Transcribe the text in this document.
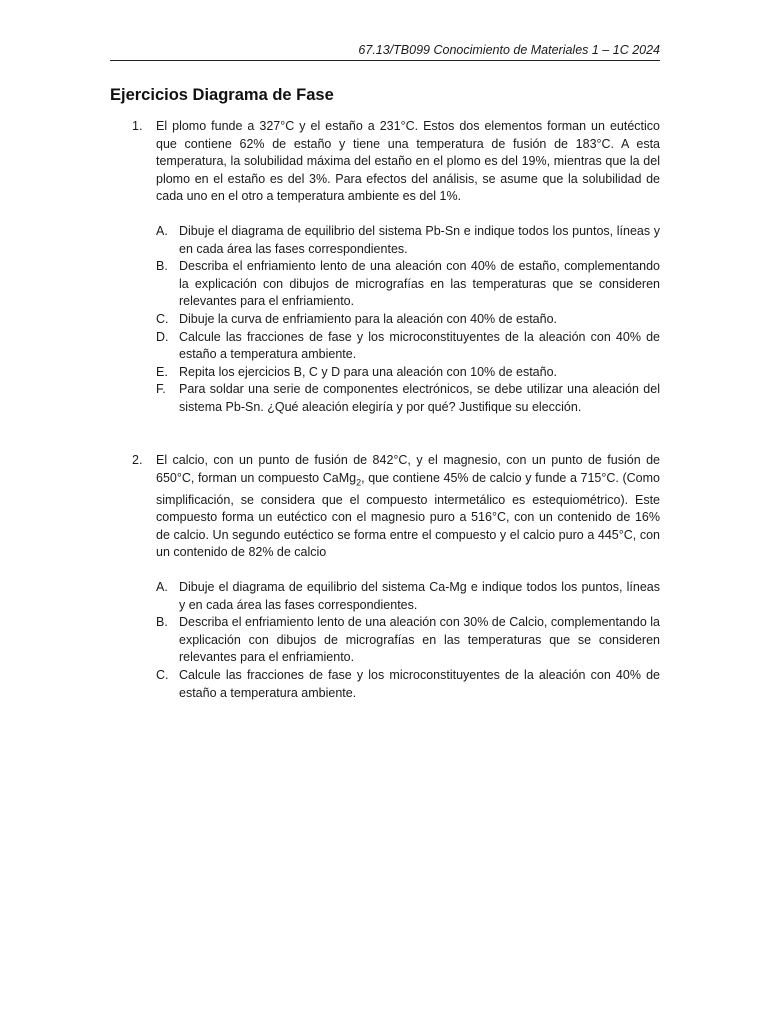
67.13/TB099 Conocimiento de Materiales 1 – 1C 2024
Ejercicios Diagrama de Fase
1. El plomo funde a 327°C y el estaño a 231°C. Estos dos elementos forman un eutéctico que contiene 62% de estaño y tiene una temperatura de fusión de 183°C. A esta temperatura, la solubilidad máxima del estaño en el plomo es del 19%, mientras que la del plomo en el estaño es del 3%. Para efectos del análisis, se asume que la solubilidad de cada uno en el otro a temperatura ambiente es del 1%.
A. Dibuje el diagrama de equilibrio del sistema Pb-Sn e indique todos los puntos, líneas y en cada área las fases correspondientes.
B. Describa el enfriamiento lento de una aleación con 40% de estaño, complementando la explicación con dibujos de micrografías en las temperaturas que se consideren relevantes para el enfriamiento.
C. Dibuje la curva de enfriamiento para la aleación con 40% de estaño.
D. Calcule las fracciones de fase y los microconstituyentes de la aleación con 40% de estaño a temperatura ambiente.
E. Repita los ejercicios B, C y D para una aleación con 10% de estaño.
F. Para soldar una serie de componentes electrónicos, se debe utilizar una aleación del sistema Pb-Sn. ¿Qué aleación elegiría y por qué? Justifique su elección.
2. El calcio, con un punto de fusión de 842°C, y el magnesio, con un punto de fusión de 650°C, forman un compuesto CaMg$_2$, que contiene 45% de calcio y funde a 715°C. (Como simplificación, se considera que el compuesto intermetálico es estequiométrico). Este compuesto forma un eutéctico con el magnesio puro a 516°C, con un contenido de 16% de calcio. Un segundo eutéctico se forma entre el compuesto y el calcio puro a 445°C, con un contenido de 82% de calcio
A. Dibuje el diagrama de equilibrio del sistema Ca-Mg e indique todos los puntos, líneas y en cada área las fases correspondientes.
B. Describa el enfriamiento lento de una aleación con 30% de Calcio, complementando la explicación con dibujos de micrografías en las temperaturas que se consideren relevantes para el enfriamiento.
C. Calcule las fracciones de fase y los microconstituyentes de la aleación con 40% de estaño a temperatura ambiente.
